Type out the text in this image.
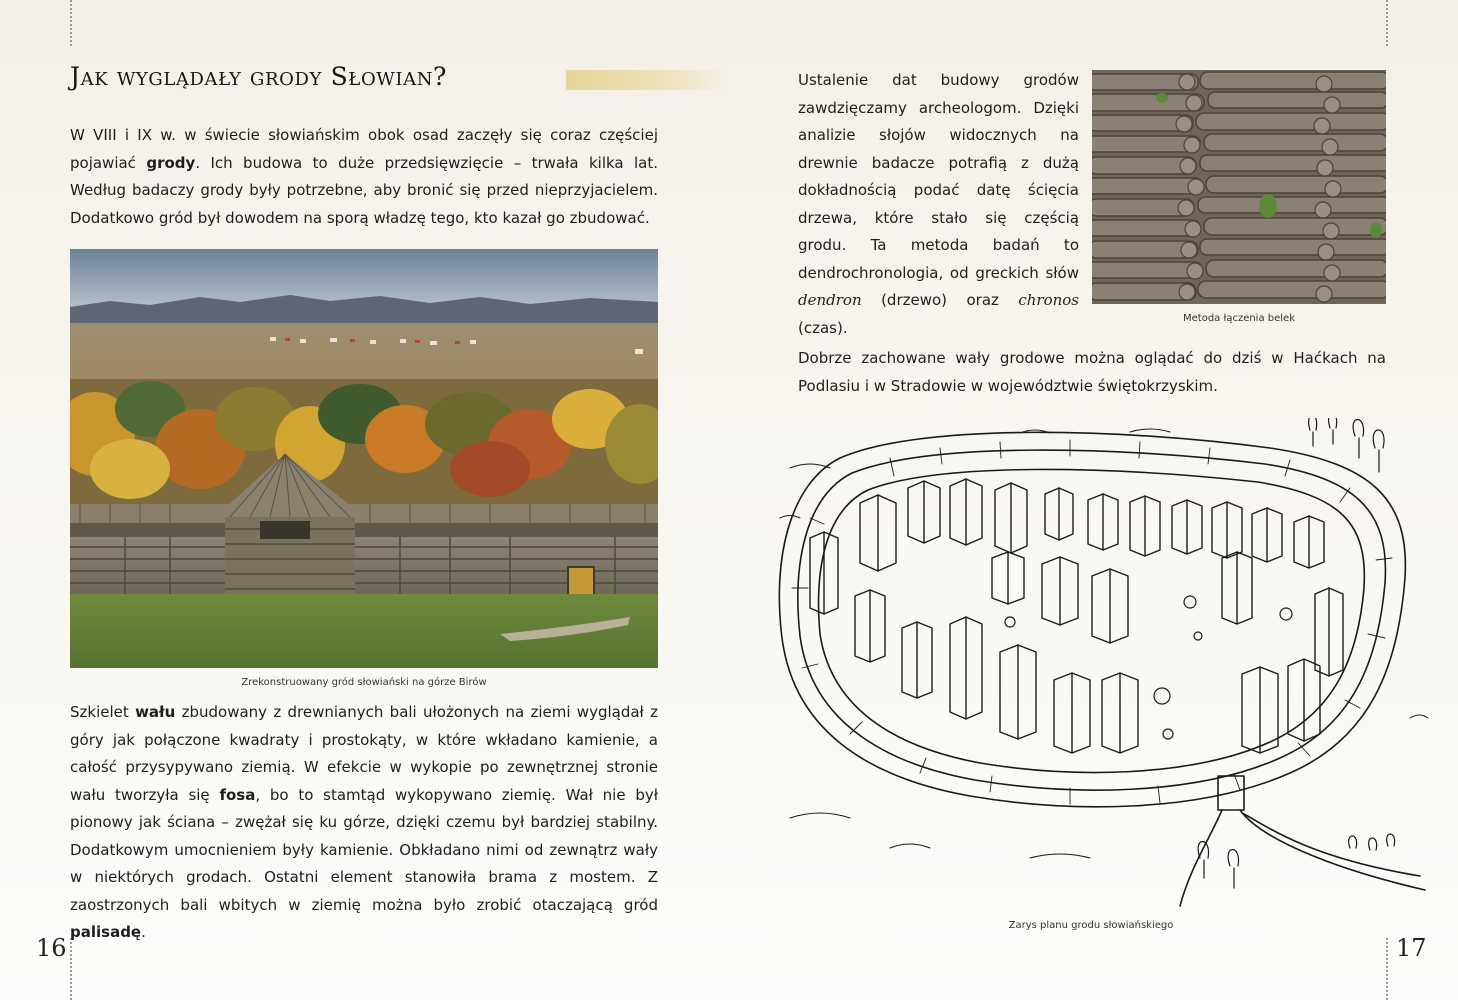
16	17
Jak wyglądały grody Słowian?

W VIII i IX w. w świecie słowiańskim obok osad zaczęły się coraz częściej pojawiać grody. Ich budowa to duże przedsięwzięcie – trwała kilka lat. Według badaczy grody były potrzebne, aby bronić się przed nieprzyjacielem. Dodatkowo gród był dowodem na sporą władzę tego, kto kazał go zbudować.

Zrekonstruowany gród słowiański na górze Birów

Szkielet wału zbudowany z drewnianych bali ułożonych na ziemi wyglądał z góry jak połączone kwadraty i prostokąty, w które wkładano kamienie, a całość przysypywano ziemią. W efekcie w wykopie po zewnętrznej stronie wału tworzyła się fosa, bo to stamtąd wykopywano ziemię. Wał nie był pionowy jak ściana – zwężał się ku górze, dzięki czemu był bardziej stabilny. Dodatkowym umocnieniem były kamienie. Obkładano nimi od zewnątrz wały w niektórych grodach. Ostatni element stanowiła brama z mostem. Z zaostrzonych bali wbitych w ziemię można było zrobić otaczającą gród palisadę.

Ustalenie dat budowy grodów zawdzięczamy archeologom. Dzięki analizie słojów widocznych na drewnie badacze potrafią z dużą dokładnością podać datę ścięcia drzewa, które stało się częścią grodu. Ta metoda badań to dendrochronologia, od greckich słów dendron (drzewo) oraz chronos (czas).	Metoda łączenia belek

Dobrze zachowane wały grodowe można oglądać do dziś w Haćkach na Podlasiu i w Stradowie w województwie świętokrzyskim.

Zarys planu grodu słowiańskiego
